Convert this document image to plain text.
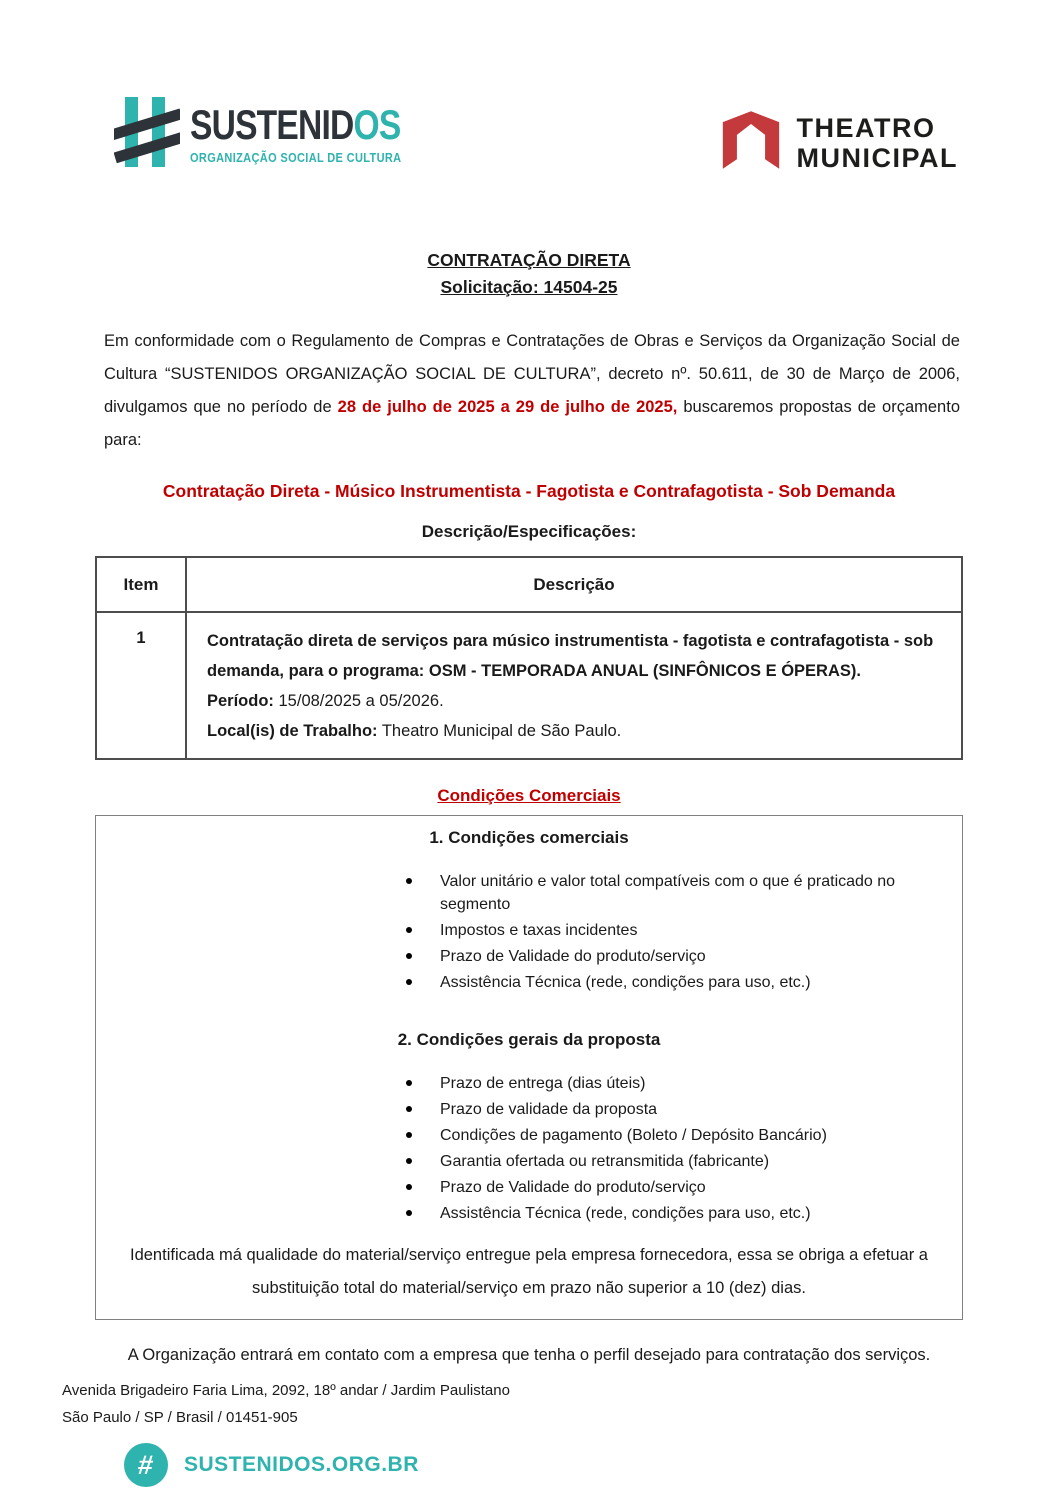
SUSTENIDOS
ORGANIZAÇÃO SOCIAL DE CULTURA
THEATRO
MUNICIPAL
CONTRATAÇÃO DIRETA
Solicitação: 14504-25

Em conformidade com o Regulamento de Compras e Contratações de Obras e Serviços da Organização Social de Cultura “SUSTENIDOS ORGANIZAÇÃO SOCIAL DE CULTURA”, decreto nº. 50.611, de 30 de Março de 2006, divulgamos que no período de 28 de julho de 2025 a 29 de julho de 2025, buscaremos propostas de orçamento para:

Contratação Direta - Músico Instrumentista - Fagotista e Contrafagotista - Sob Demanda
Descrição/Especificações:
Item	Descrição
1	Contratação direta de serviços para músico instrumentista - fagotista e contrafagotista - sob demanda, para o programa: OSM - TEMPORADA ANUAL (SINFÔNICOS E ÓPERAS).
Período: 15/08/2025 a 05/2026.
Local(is) de Trabalho: Theatro Municipal de São Paulo.
Condições Comerciais
1. Condições comerciais
Valor unitário e valor total compatíveis com o que é praticado no segmento
Impostos e taxas incidentes
Prazo de Validade do produto/serviço
Assistência Técnica (rede, condições para uso, etc.)
2. Condições gerais da proposta
Prazo de entrega (dias úteis)
Prazo de validade da proposta
Condições de pagamento (Boleto / Depósito Bancário)
Garantia ofertada ou retransmitida (fabricante)
Prazo de Validade do produto/serviço
Assistência Técnica (rede, condições para uso, etc.)
Identificada má qualidade do material/serviço entregue pela empresa fornecedora, essa se obriga a efetuar a substituição total do material/serviço em prazo não superior a 10 (dez) dias.
A Organização entrará em contato com a empresa que tenha o perfil desejado para contratação dos serviços.
Avenida Brigadeiro Faria Lima, 2092, 18º andar / Jardim Paulistano
São Paulo / SP / Brasil / 01451-905
# SUSTENIDOS.ORG.BR
